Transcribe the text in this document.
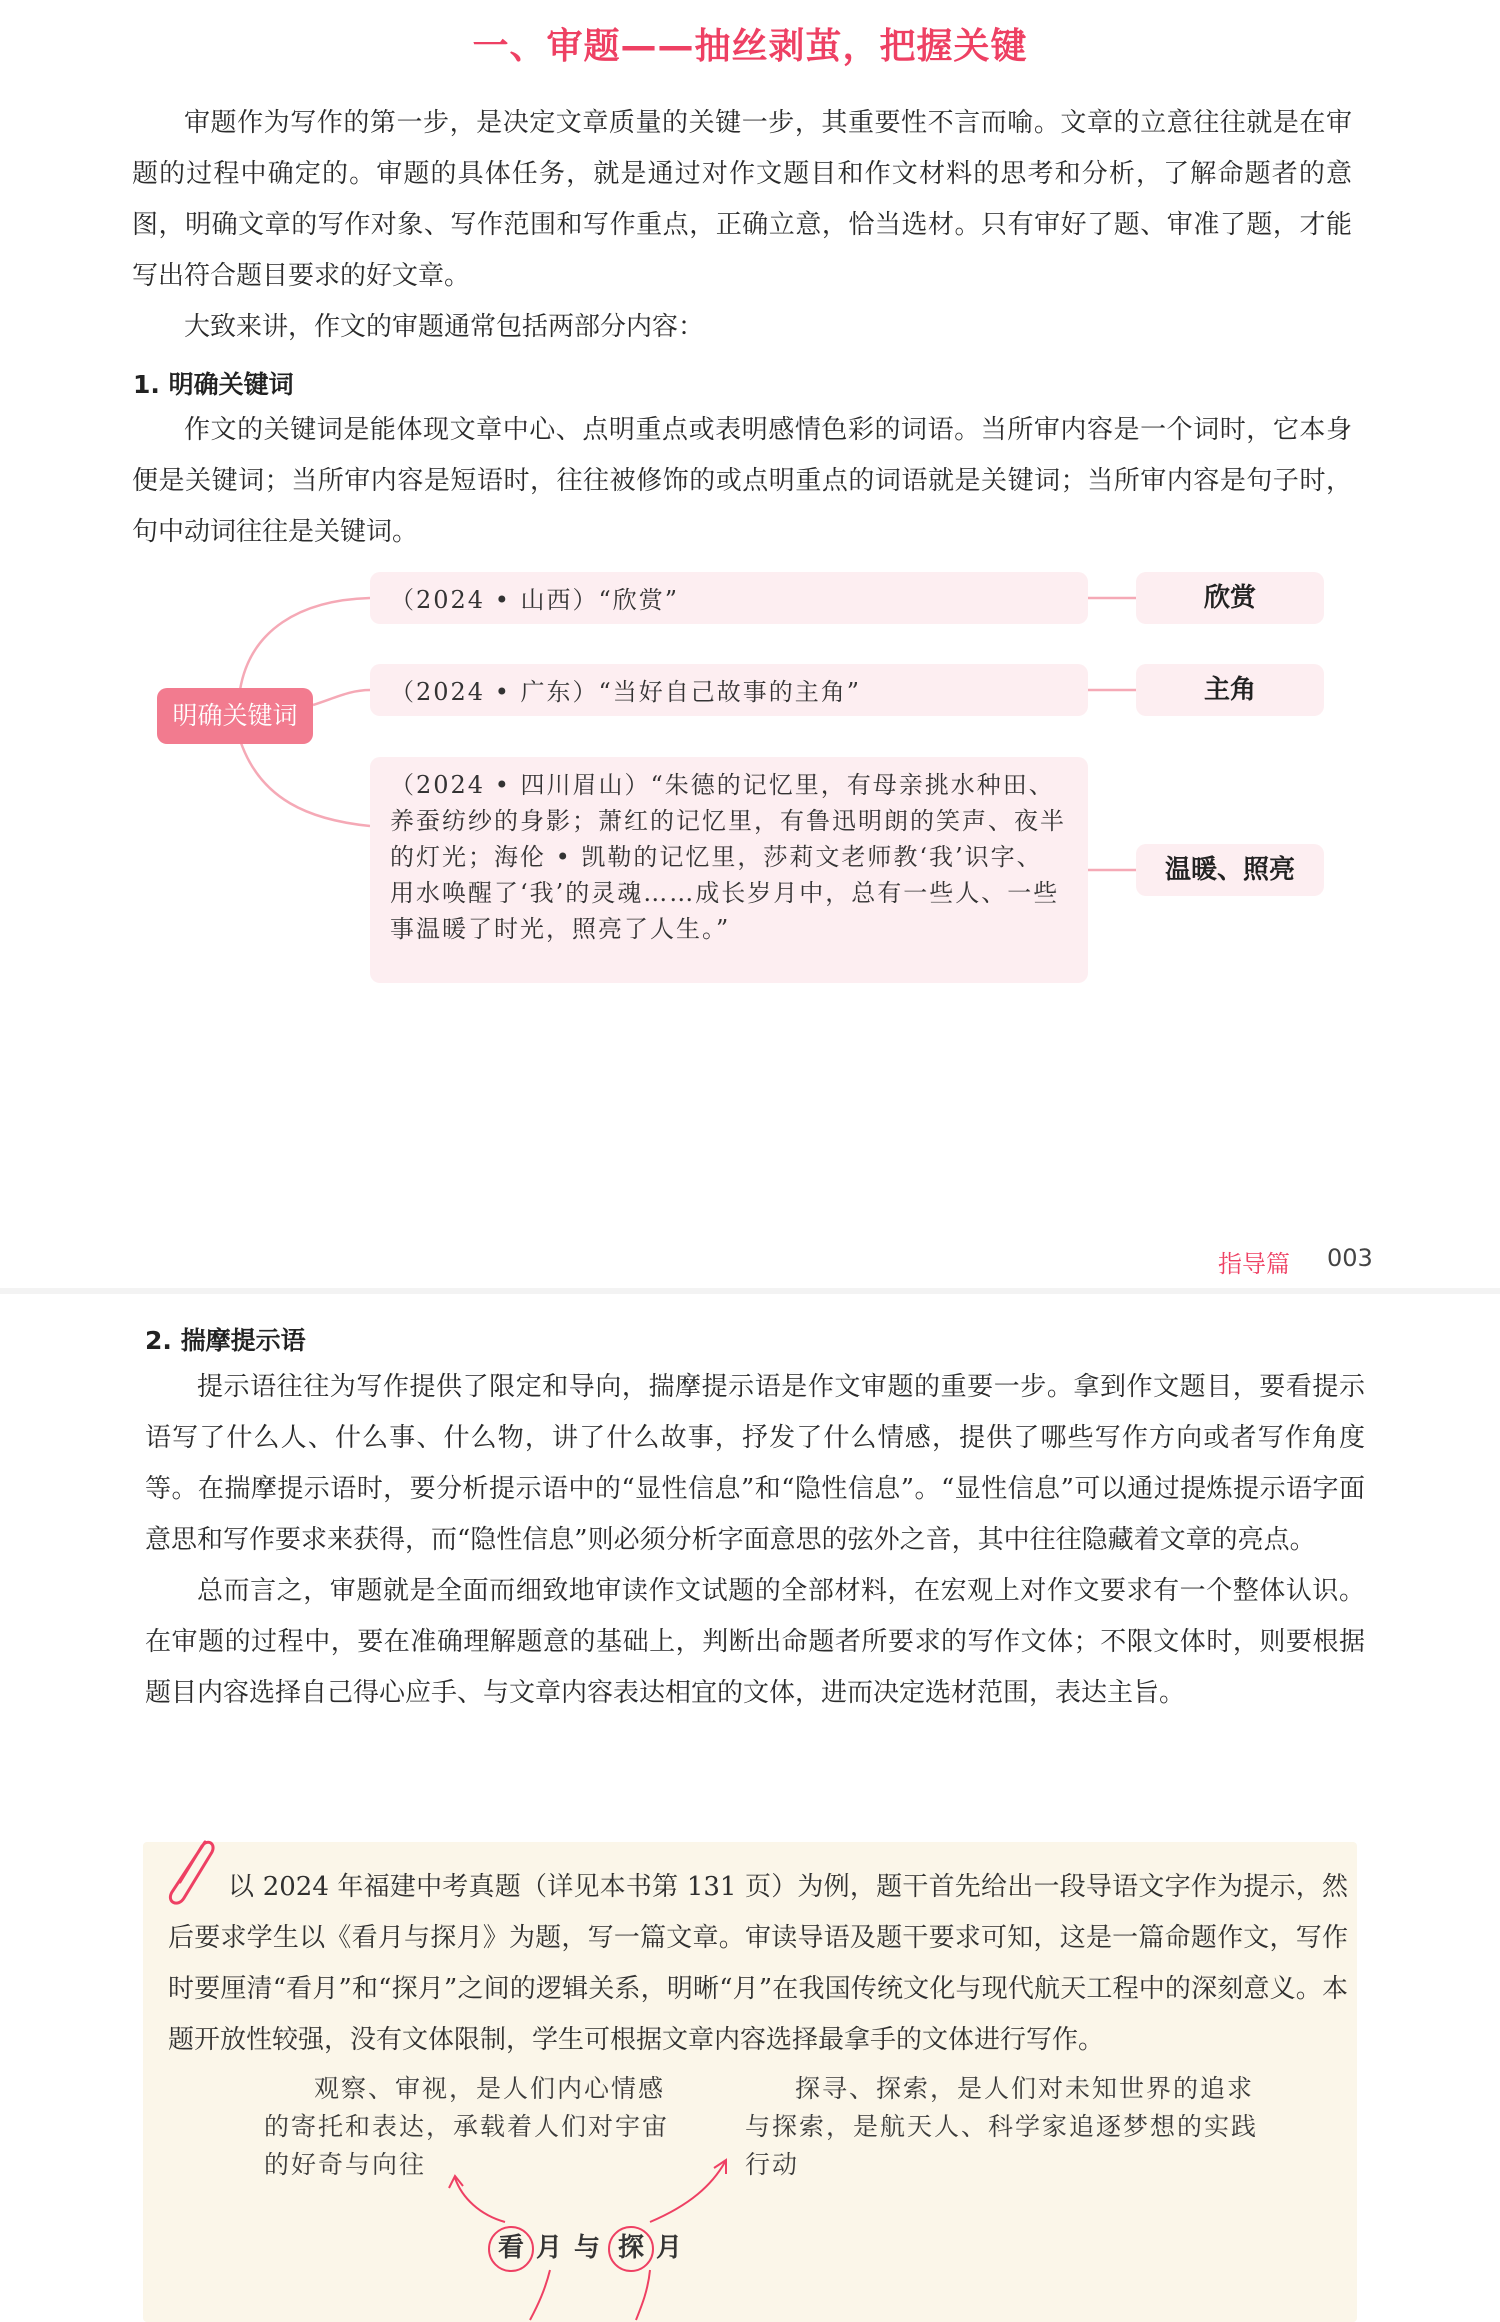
一、审题——抽丝剥茧，把握关键

审题作为写作的第一步，是决定文章质量的关键一步，其重要性不言而喻。文章的立意往往就是在审题的过程中确定的。审题的具体任务，就是通过对作文题目和作文材料的思考和分析，了解命题者的意图，明确文章的写作对象、写作范围和写作重点，正确立意，恰当选材。只有审好了题、审准了题，才能写出符合题目要求的好文章。

大致来讲，作文的审题通常包括两部分内容：

1. 明确关键词

作文的关键词是能体现文章中心、点明重点或表明感情色彩的词语。当所审内容是一个词时，它本身便是关键词；当所审内容是短语时，往往被修饰的或点明重点的词语就是关键词；当所审内容是句子时，句中动词往往是关键词。

明确关键词
（2024 • 山西）“欣赏”
（2024 • 广东）“当好自己故事的主角”
（2024 • 四川眉山）“朱德的记忆里，有母亲挑水种田、养蚕纺纱的身影；萧红的记忆里，有鲁迅明朗的笑声、夜半的灯光；海伦 • 凯勒的记忆里，莎莉文老师教‘我’识字、用水唤醒了‘我’的灵魂……成长岁月中，总有一些人、一些事温暖了时光，照亮了人生。”
欣赏
主角
温暖、照亮
指导篇 003
2. 揣摩提示语

提示语往往为写作提供了限定和导向，揣摩提示语是作文审题的重要一步。拿到作文题目，要看提示语写了什么人、什么事、什么物，讲了什么故事，抒发了什么情感，提供了哪些写作方向或者写作角度等。在揣摩提示语时，要分析提示语中的“显性信息”和“隐性信息”。“显性信息”可以通过提炼提示语字面意思和写作要求来获得，而“隐性信息”则必须分析字面意思的弦外之音，其中往往隐藏着文章的亮点。

总而言之，审题就是全面而细致地审读作文试题的全部材料，在宏观上对作文要求有一个整体认识。在审题的过程中，要在准确理解题意的基础上，判断出命题者所要求的写作文体；不限文体时，则要根据题目内容选择自己得心应手、与文章内容表达相宜的文体，进而决定选材范围，表达主旨。

以 2024 年福建中考真题（详见本书第 131 页）为例，题干首先给出一段导语文字作为提示，然后要求学生以《看月与探月》为题，写一篇文章。审读导语及题干要求可知，这是一篇命题作文，写作时要厘清“看月”和“探月”之间的逻辑关系，明晰“月”在我国传统文化与现代航天工程中的深刻意义。本题开放性较强，没有文体限制，学生可根据文章内容选择最拿手的文体进行写作。

观察、审视，是人们内心情感的寄托和表达，承载着人们对宇宙的好奇与向往

探寻、探索，是人们对未知世界的追求与探索，是航天人、科学家追逐梦想的实践行动

看 月 与 探 月
